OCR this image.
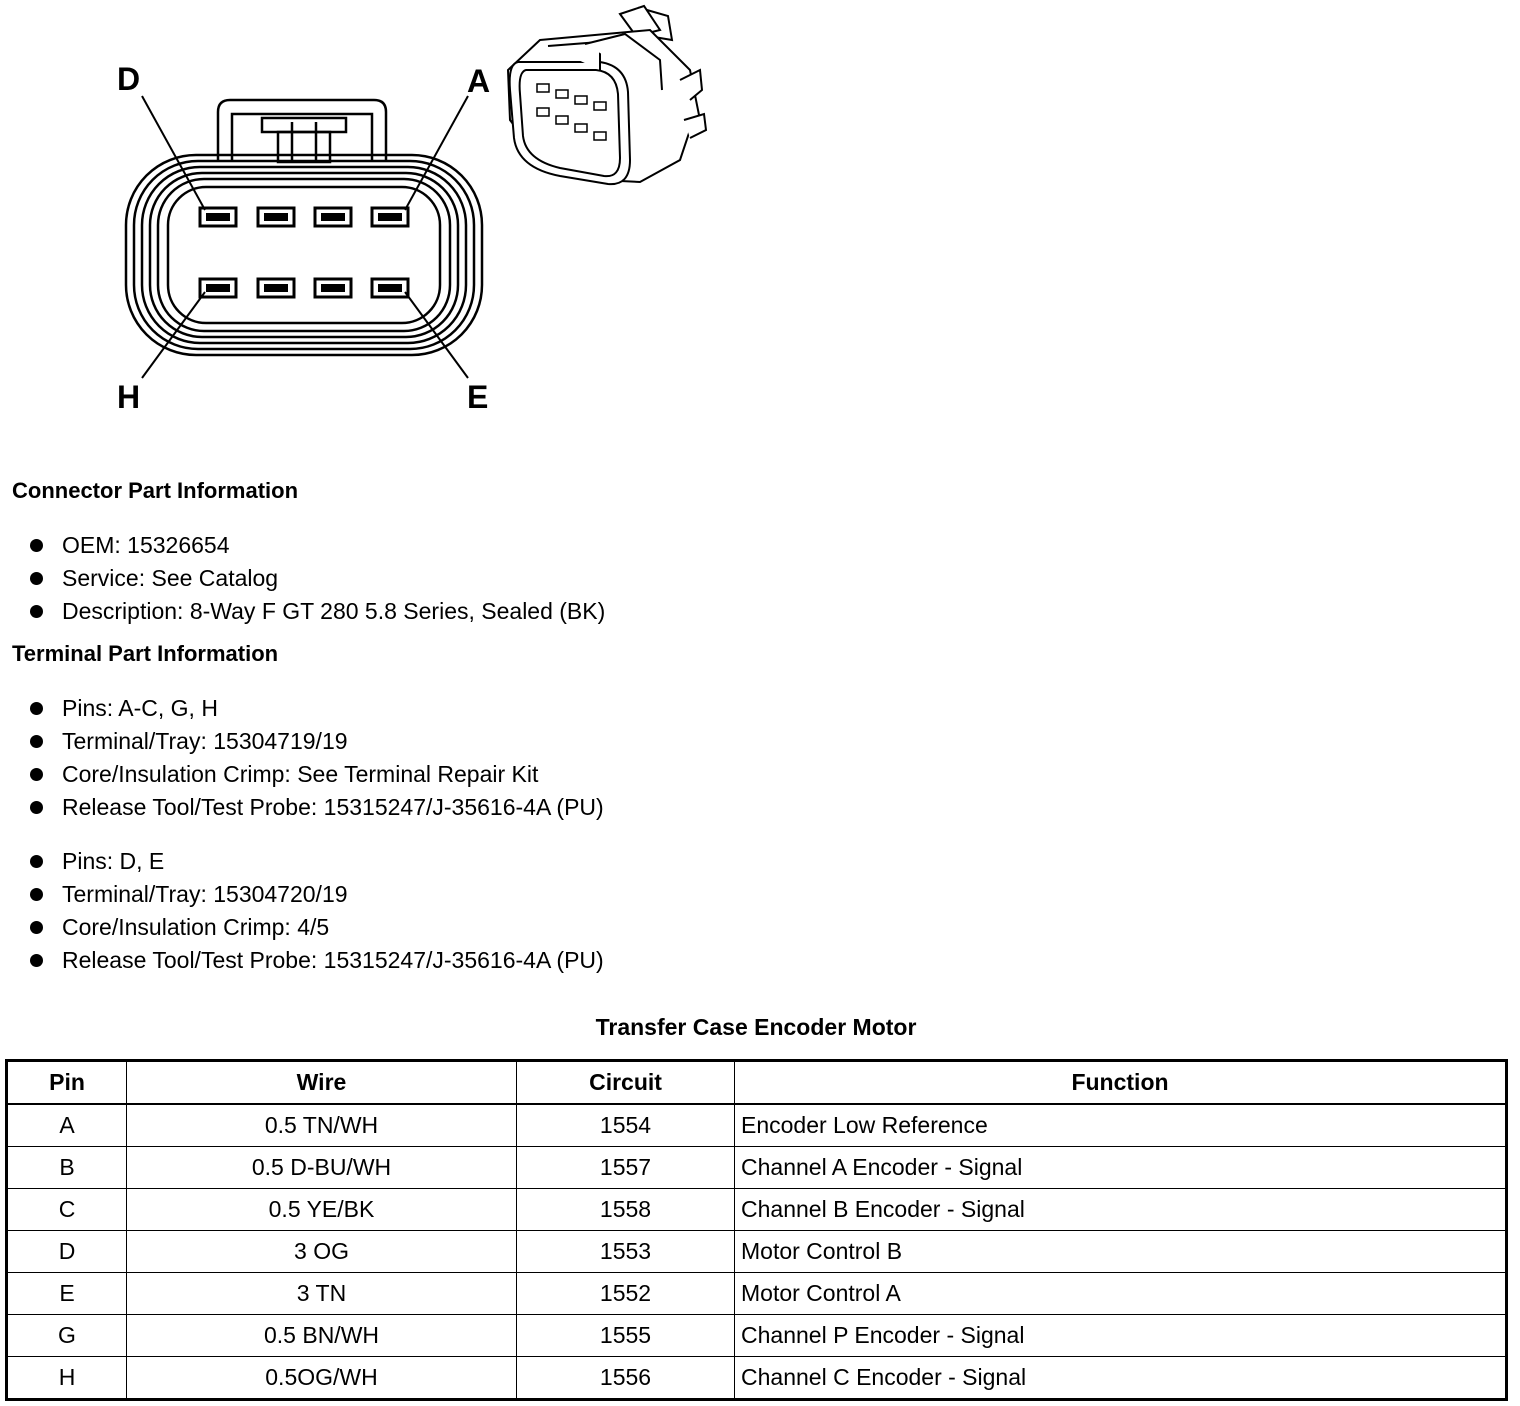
D	A
H	E
Connector Part Information
OEM: 15326654
Service: See Catalog
Description: 8-Way F GT 280 5.8 Series, Sealed (BK)
Terminal Part Information
Pins: A-C, G, H
Terminal/Tray: 15304719/19
Core/Insulation Crimp: See Terminal Repair Kit
Release Tool/Test Probe: 15315247/J-35616-4A (PU)
Pins: D, E
Terminal/Tray: 15304720/19
Core/Insulation Crimp: 4/5
Release Tool/Test Probe: 15315247/J-35616-4A (PU)
Transfer Case Encoder Motor
Pin	Wire	Circuit	Function
A	0.5 TN/WH	1554	Encoder Low Reference
B	0.5 D-BU/WH	1557	Channel A Encoder - Signal
C	0.5 YE/BK	1558	Channel B Encoder - Signal
D	3 OG	1553	Motor Control B
E	3 TN	1552	Motor Control A
G	0.5 BN/WH	1555	Channel P Encoder - Signal
H	0.5OG/WH	1556	Channel C Encoder - Signal
